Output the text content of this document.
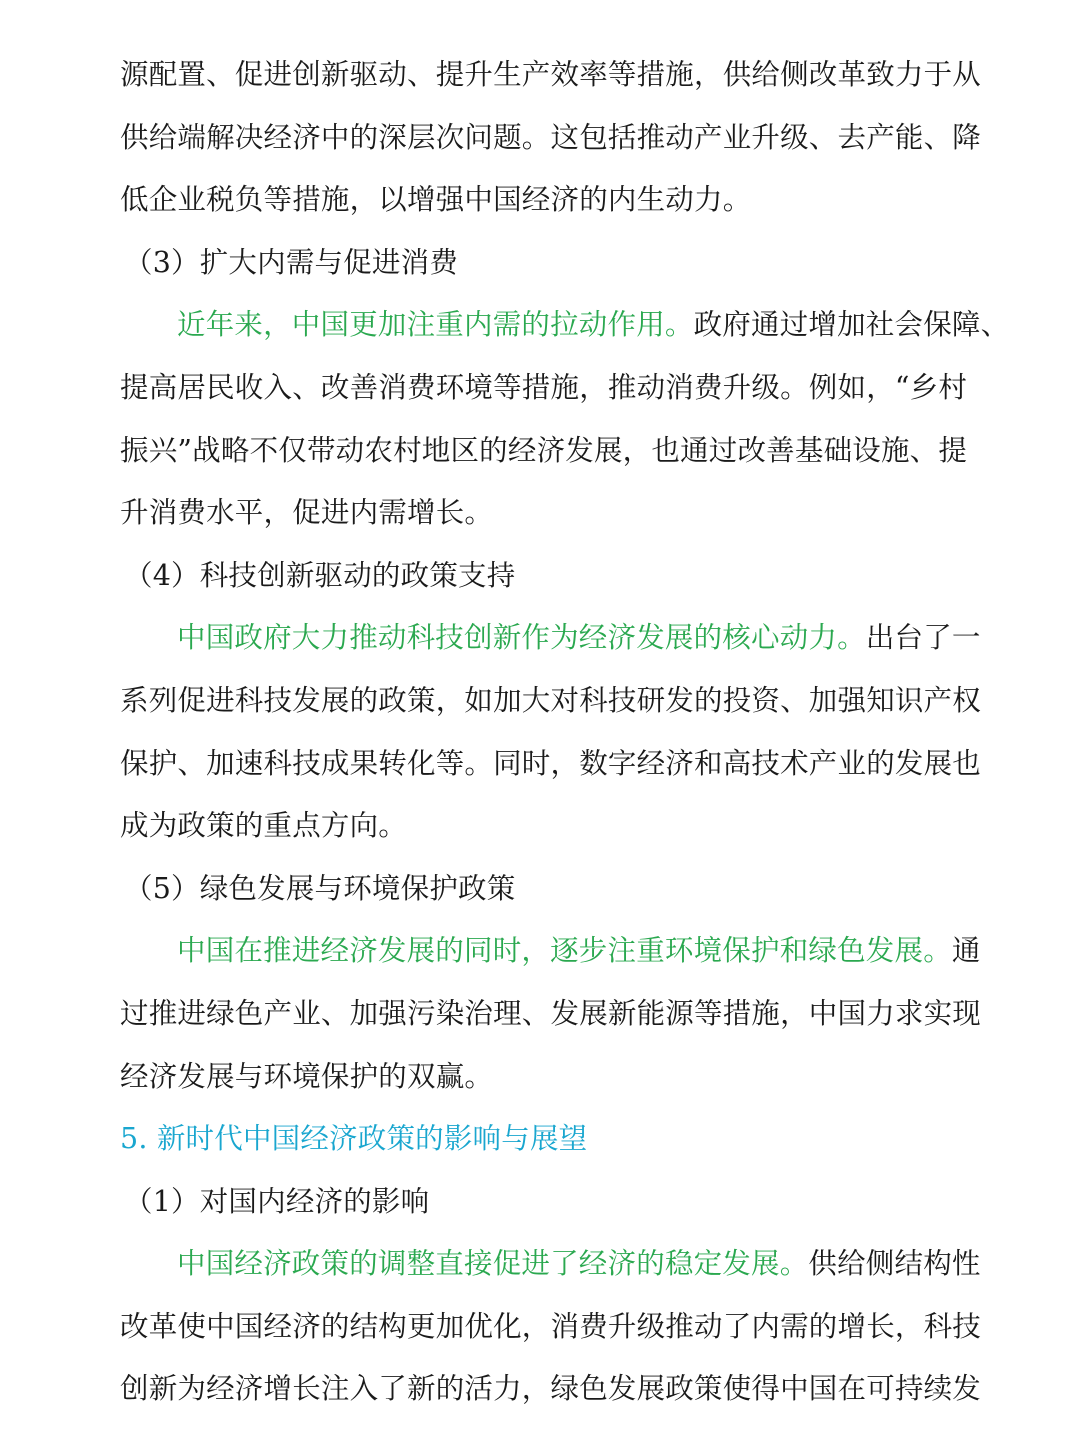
源配置、促进创新驱动、提升生产效率等措施，供给侧改革致力于从
供给端解决经济中的深层次问题。这包括推动产业升级、去产能、降
低企业税负等措施，以增强中国经济的内生动力。
（3）扩大内需与促进消费
近年来，中国更加注重内需的拉动作用。政府通过增加社会保障、
提高居民收入、改善消费环境等措施，推动消费升级。例如，“乡村
振兴”战略不仅带动农村地区的经济发展，也通过改善基础设施、提
升消费水平，促进内需增长。
（4）科技创新驱动的政策支持
中国政府大力推动科技创新作为经济发展的核心动力。出台了一
系列促进科技发展的政策，如加大对科技研发的投资、加强知识产权
保护、加速科技成果转化等。同时，数字经济和高技术产业的发展也
成为政策的重点方向。
（5）绿色发展与环境保护政策
中国在推进经济发展的同时，逐步注重环境保护和绿色发展。通
过推进绿色产业、加强污染治理、发展新能源等措施，中国力求实现
经济发展与环境保护的双赢。
5. 新时代中国经济政策的影响与展望
（1）对国内经济的影响
中国经济政策的调整直接促进了经济的稳定发展。供给侧结构性
改革使中国经济的结构更加优化，消费升级推动了内需的增长，科技
创新为经济增长注入了新的活力，绿色发展政策使得中国在可持续发
